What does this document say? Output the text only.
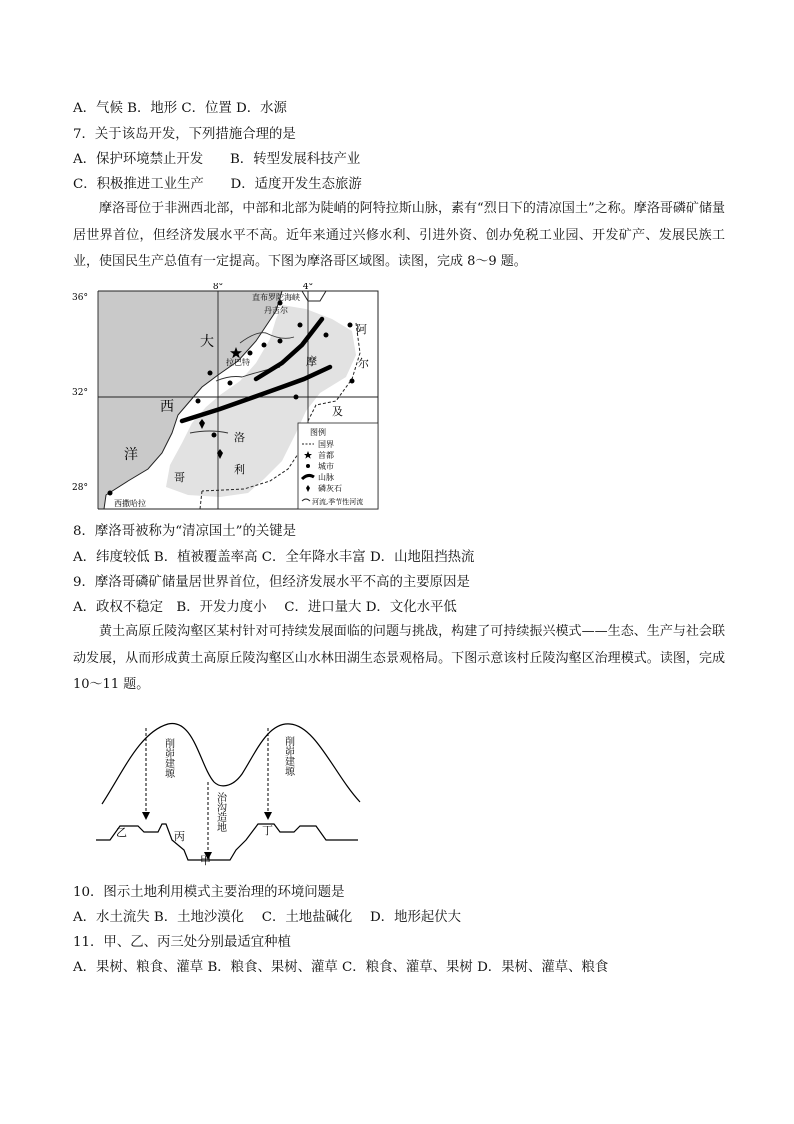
A．气候 B．地形 C．位置 D．水源
7．关于该岛开发，下列措施合理的是
A．保护环境禁止开发　　B．转型发展科技产业
C．积极推进工业生产　　D．适度开发生态旅游
摩洛哥位于非洲西北部，中部和北部为陡峭的阿特拉斯山脉，素有“烈日下的清凉国土”之称。摩洛哥磷矿储量居世界首位，但经济发展水平不高。近年来通过兴修水利、引进外资、创办免税工业园、开发矿产、发展民族工业，使国民生产总值有一定提高。下图为摩洛哥区域图。读图，完成 8～9 题。
36°
32°
28°
8°	4°
直布罗陀海峡
丹吉尔
拉巴特
大
西
洋
摩
洛
哥
阿
尔
及
利
西撒哈拉
图例
国界
首都
城市
山脉
磷灰石
河流,季节性河流
8．摩洛哥被称为“清凉国土”的关键是
A．纬度较低 B．植被覆盖率高 C．全年降水丰富 D．山地阻挡热流
9．摩洛哥磷矿储量居世界首位，但经济发展水平不高的主要原因是
A．政权不稳定　B．开发力度小　 C．进口量大 D．文化水平低
黄土高原丘陵沟壑区某村针对可持续发展面临的问题与挑战，构建了可持续振兴模式——生态、生产与社会联动发展，从而形成黄土高原丘陵沟壑区山水林田湖生态景观格局。下图示意该村丘陵沟壑区治理模式。读图，完成 10～11 题。
削峁建塬	削峁建塬
治沟造地
乙	丙
甲
丁
10．图示土地利用模式主要治理的环境问题是
A．水土流失 B．土地沙漠化　 C．土地盐碱化　 D．地形起伏大
11．甲、乙、丙三处分别最适宜种植
A．果树、粮食、灌草 B．粮食、果树、灌草 C．粮食、灌草、果树 D．果树、灌草、粮食
